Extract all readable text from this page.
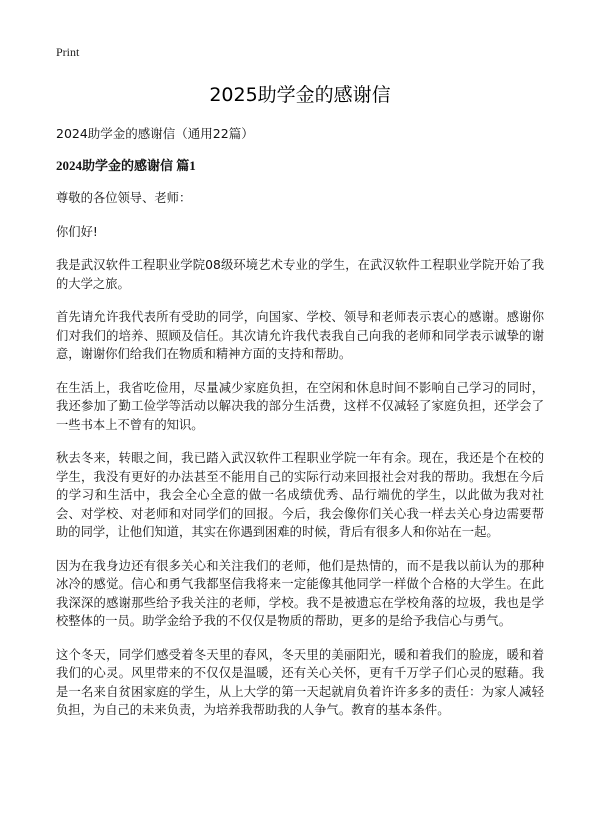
Print
2025助学金的感谢信
2024助学金的感谢信（通用22篇）
2024助学金的感谢信 篇1

尊敬的各位领导、老师：

你们好!

我是武汉软件工程职业学院08级环境艺术专业的学生，在武汉软件工程职业学院开始了我的大学之旅。

首先请允许我代表所有受助的同学，向国家、学校、领导和老师表示衷心的感谢。感谢你们对我们的培养、照顾及信任。其次请允许我代表我自己向我的老师和同学表示诚挚的谢意，谢谢你们给我们在物质和精神方面的支持和帮助。

在生活上，我省吃俭用，尽量减少家庭负担，在空闲和休息时间不影响自己学习的同时，我还参加了勤工俭学等活动以解决我的部分生活费，这样不仅减轻了家庭负担，还学会了一些书本上不曾有的知识。

秋去冬来，转眼之间，我已踏入武汉软件工程职业学院一年有余。现在，我还是个在校的学生，我没有更好的办法甚至不能用自己的实际行动来回报社会对我的帮助。我想在今后的学习和生活中，我会全心全意的做一名成绩优秀、品行端优的学生，以此做为我对社会、对学校、对老师和对同学们的回报。今后，我会像你们关心我一样去关心身边需要帮助的同学，让他们知道，其实在你遇到困难的时候，背后有很多人和你站在一起。

因为在我身边还有很多关心和关注我们的老师，他们是热情的，而不是我以前认为的那种冰冷的感觉。信心和勇气我都坚信我将来一定能像其他同学一样做个合格的大学生。在此我深深的感谢那些给予我关注的老师，学校。我不是被遗忘在学校角落的垃圾，我也是学校整体的一员。助学金给予我的不仅仅是物质的帮助，更多的是给予我信心与勇气。

这个冬天，同学们感受着冬天里的春风，冬天里的美丽阳光，暖和着我们的脸庞，暖和着我们的心灵。风里带来的不仅仅是温暖，还有关心关怀，更有千万学子们心灵的慰藉。我是一名来自贫困家庭的学生，从上大学的第一天起就肩负着许许多多的责任：为家人减轻负担，为自己的未来负责，为培养我帮助我的人争气。教育的基本条件。
